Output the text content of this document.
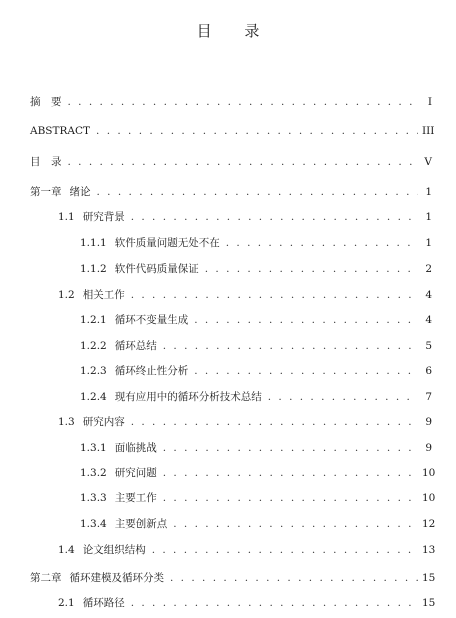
目 录
摘　要 . . .	I
ABSTRACT . . .	III
目　录 . . .	V
第一章 绪论 . . .	1
1.1 研究背景 . . .	1
1.1.1 软件质量问题无处不在 . . .	1
1.1.2 软件代码质量保证 . . .	2
1.2 相关工作 . . .	4
1.2.1 循环不变量生成 . . .	4
1.2.2 循环总结 . . .	5
1.2.3 循环终止性分析 . . .	6
1.2.4 现有应用中的循环分析技术总结 . . .	7
1.3 研究内容 . . .	9
1.3.1 面临挑战 . . .	9
1.3.2 研究问题 . . .	10
1.3.3 主要工作 . . .	10
1.3.4 主要创新点 . . .	12
1.4 论文组织结构 . . .	13
第二章 循环建模及循环分类 . . .	15
2.1 循环路径 . . .	15
